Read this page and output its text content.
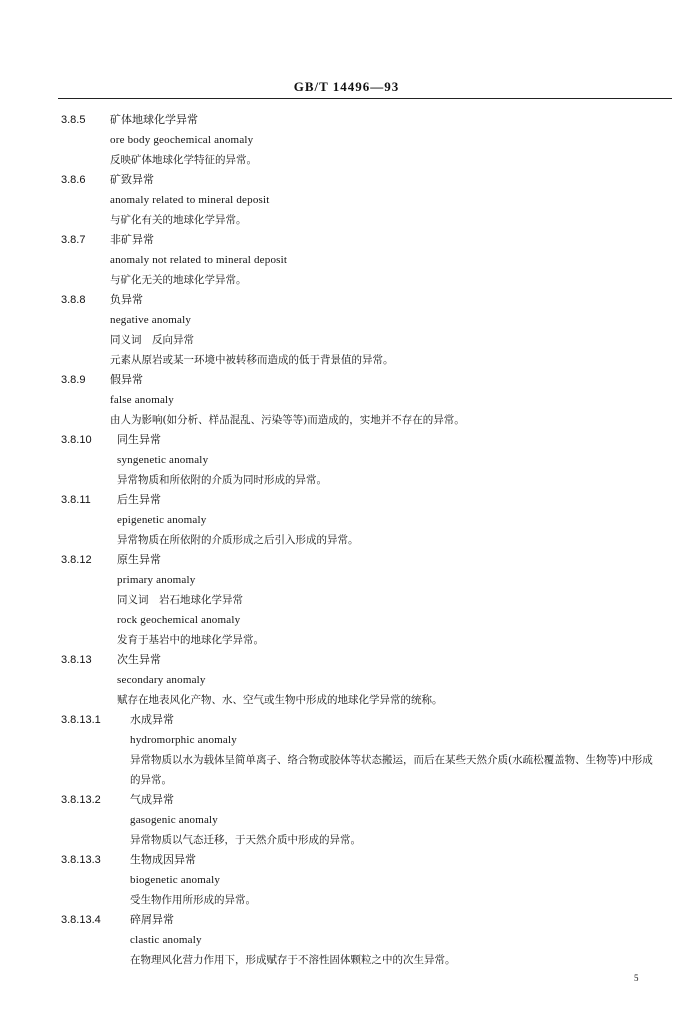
GB/T 14496—93
3.8.5 矿体地球化学异常
ore body geochemical anomaly
反映矿体地球化学特征的异常。
3.8.6 矿致异常
anomaly related to mineral deposit
与矿化有关的地球化学异常。
3.8.7 非矿异常
anomaly not related to mineral deposit
与矿化无关的地球化学异常。
3.8.8 负异常
negative anomaly
同义词　反向异常
元素从原岩或某一环境中被转移而造成的低于背景值的异常。
3.8.9 假异常
false anomaly
由人为影响(如分析、样品混乱、污染等等)而造成的，实地并不存在的异常。
3.8.10 同生异常
syngenetic anomaly
异常物质和所依附的介质为同时形成的异常。
3.8.11 后生异常
epigenetic anomaly
异常物质在所依附的介质形成之后引入形成的异常。
3.8.12 原生异常
primary anomaly
同义词　岩石地球化学异常
rock geochemical anomaly
发育于基岩中的地球化学异常。
3.8.13 次生异常
secondary anomaly
赋存在地表风化产物、水、空气或生物中形成的地球化学异常的统称。
3.8.13.1	水成异常
hydromorphic anomaly
异常物质以水为载体呈简单离子、络合物或胶体等状态搬运，而后在某些天然介质(水疏松覆盖物、生物等)中形成的异常。
3.8.13.2	气成异常
gasogenic anomaly
异常物质以气态迁移，于天然介质中形成的异常。
3.8.13.3	生物成因异常
biogenetic anomaly
受生物作用所形成的异常。
3.8.13.4	碎屑异常
clastic anomaly
在物理风化营力作用下，形成赋存于不溶性固体颗粒之中的次生异常。
5
